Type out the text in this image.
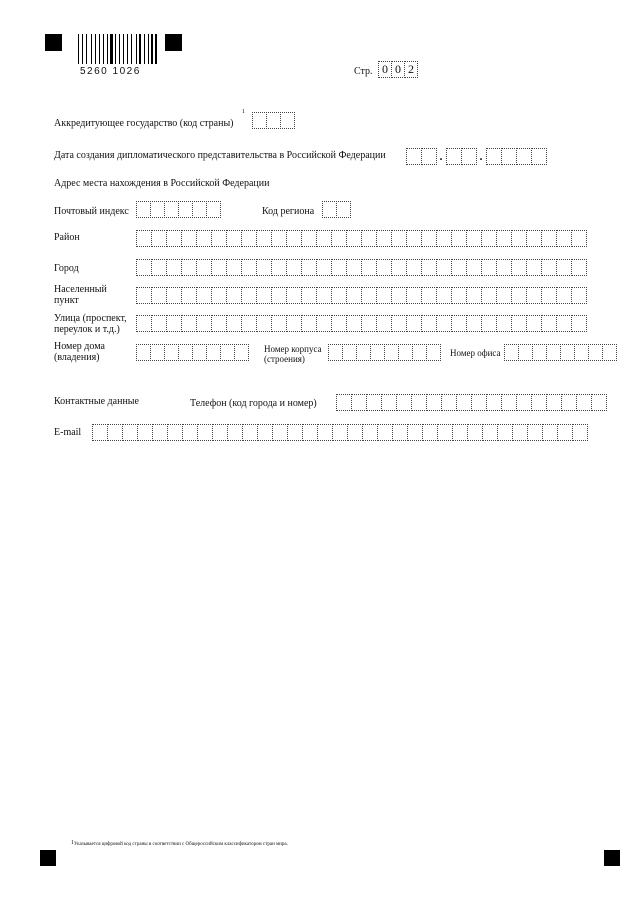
5260 1026	Стр. 0 0 2
Аккредитующее государство (код страны)
1
Дата создания дипломатического представительства в Российской Федерации	.	.
Адрес места нахождения в Российской Федерации
Почтовый индекс	Код региона
Район
Город
Населенный пункт
Улица (проспект, переулок и т.д.)
Номер дома (владения)
Номер корпуса (строения)
Номер офиса
Контактные данные	Телефон (код города и номер)
E-mail
1 Указывается цифровой код страны в соответствии с Общероссийским классификатором стран мира.
